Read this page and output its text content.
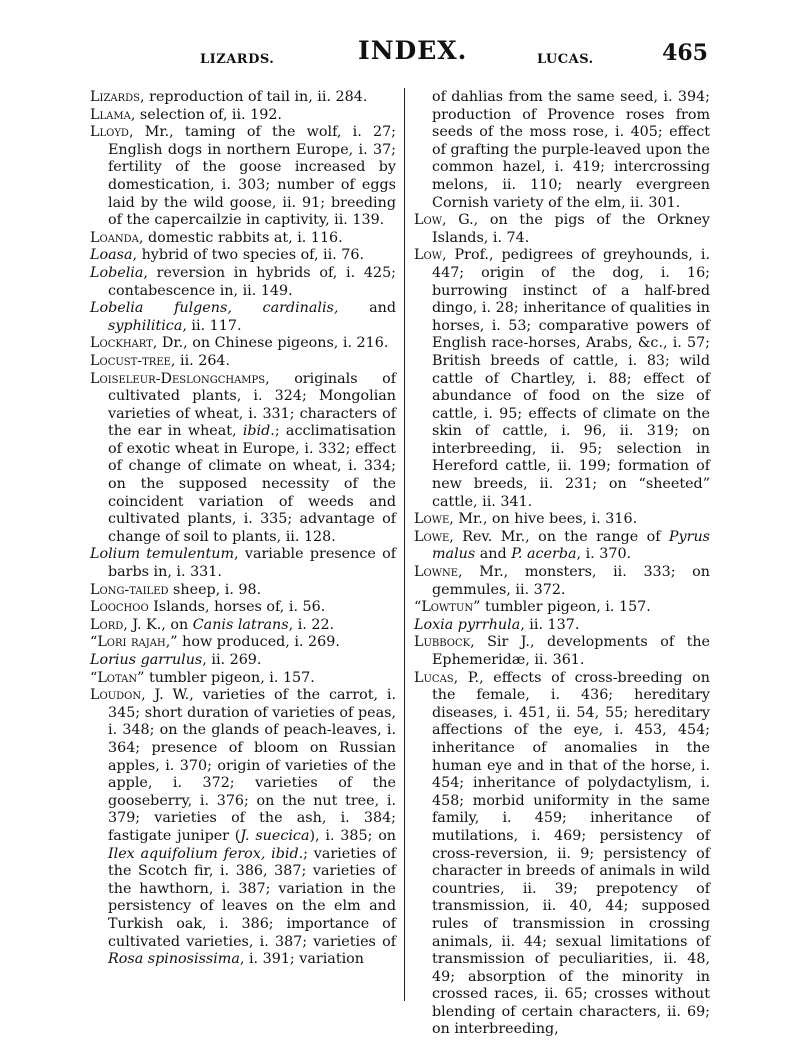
LIZARDS.	INDEX.	LUCAS.	465

Lizards, reproduction of tail in, ii. 284.

Llama, selection of, ii. 192.

Lloyd, Mr., taming of the wolf, i. 27; English dogs in northern Europe, i. 37; fertility of the goose increased by domestication, i. 303; number of eggs laid by the wild goose, ii. 91; breeding of the capercailzie in captivity, ii. 139.

Loanda, domestic rabbits at, i. 116.

Loasa, hybrid of two species of, ii. 76.

Lobelia, reversion in hybrids of, i. 425; contabescence in, ii. 149.

Lobelia fulgens, cardinalis, and syphilitica, ii. 117.

Lockhart, Dr., on Chinese pigeons, i. 216.

Locust-tree, ii. 264.

Loiseleur-Deslongchamps, originals of cultivated plants, i. 324; Mongolian varieties of wheat, i. 331; characters of the ear in wheat, ibid.; acclimatisation of exotic wheat in Europe, i. 332; effect of change of climate on wheat, i. 334; on the supposed necessity of the coincident variation of weeds and cultivated plants, i. 335; advantage of change of soil to plants, ii. 128.

Lolium temulentum, variable presence of barbs in, i. 331.

Long-tailed sheep, i. 98.

Loochoo Islands, horses of, i. 56.

Lord, J. K., on Canis latrans, i. 22.

“Lori rajah,” how produced, i. 269.

Lorius garrulus, ii. 269.

“Lotan” tumbler pigeon, i. 157.

Loudon, J. W., varieties of the carrot, i. 345; short duration of varieties of peas, i. 348; on the glands of peach-leaves, i. 364; presence of bloom on Russian apples, i. 370; origin of varieties of the apple, i. 372; varieties of the gooseberry, i. 376; on the nut tree, i. 379; varieties of the ash, i. 384; fastigate juniper (J. suecica), i. 385; on Ilex aquifolium ferox, ibid.; varieties of the Scotch fir, i. 386, 387; varieties of the hawthorn, i. 387; variation in the persistency of leaves on the elm and Turkish oak, i. 386; importance of cultivated varieties, i. 387; varieties of Rosa spinosissima, i. 391; variation

of dahlias from the same seed, i. 394; production of Provence roses from seeds of the moss rose, i. 405; effect of grafting the purple-leaved upon the common hazel, i. 419; intercrossing melons, ii. 110; nearly evergreen Cornish variety of the elm, ii. 301.

Low, G., on the pigs of the Orkney Islands, i. 74.

Low, Prof., pedigrees of greyhounds, i. 447; origin of the dog, i. 16; burrowing instinct of a half-bred dingo, i. 28; inheritance of qualities in horses, i. 53; comparative powers of English race-horses, Arabs, &c., i. 57; British breeds of cattle, i. 83; wild cattle of Chartley, i. 88; effect of abundance of food on the size of cattle, i. 95; effects of climate on the skin of cattle, i. 96, ii. 319; on interbreeding, ii. 95; selection in Hereford cattle, ii. 199; formation of new breeds, ii. 231; on “sheeted” cattle, ii. 341.

Lowe, Mr., on hive bees, i. 316.

Lowe, Rev. Mr., on the range of Pyrus malus and P. acerba, i. 370.

Lowne, Mr., monsters, ii. 333; on gemmules, ii. 372.

“Lowtun” tumbler pigeon, i. 157.

Loxia pyrrhula, ii. 137.

Lubbock, Sir J., developments of the Ephemeridæ, ii. 361.

Lucas, P., effects of cross-breeding on the female, i. 436; hereditary diseases, i. 451, ii. 54, 55; hereditary affections of the eye, i. 453, 454; inheritance of anomalies in the human eye and in that of the horse, i. 454; inheritance of polydactylism, i. 458; morbid uniformity in the same family, i. 459; inheritance of mutilations, i. 469; persistency of cross-reversion, ii. 9; persistency of character in breeds of animals in wild countries, ii. 39; prepotency of transmission, ii. 40, 44; supposed rules of transmission in crossing animals, ii. 44; sexual limitations of transmission of peculiarities, ii. 48, 49; absorption of the minority in crossed races, ii. 65; crosses without blending of certain characters, ii. 69; on interbreeding,
